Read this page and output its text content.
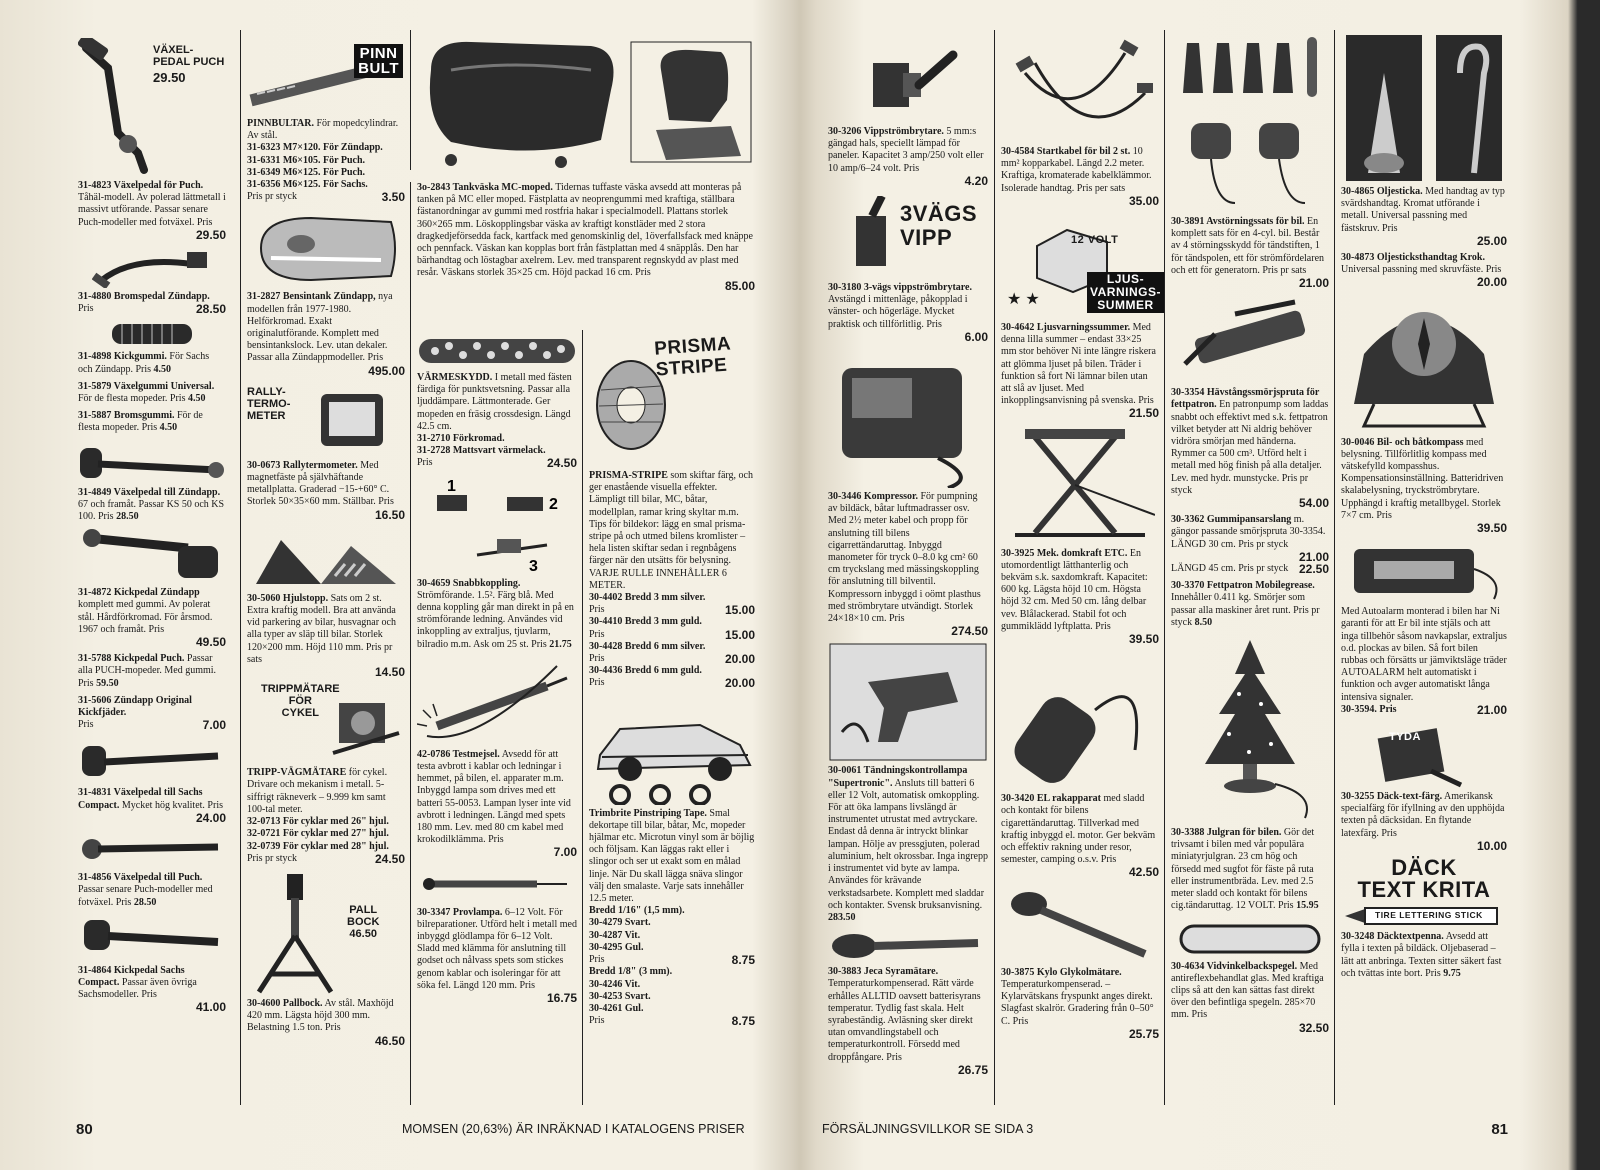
VÄXEL-
PEDAL PUCH
29.50

31-4823 Växelpedal för Puch. Tåhäl-modell. Av polerad lättmetall i massivt utförande. Passar senare Puch-modeller med fotväxel. Pris

29.50

31-4880 Bromspedal Zündapp.

Pris	28.50

31-4898 Kickgummi. För Sachs och Zündapp. Pris 4.50

31-5879 Växelgummi Universal. För de flesta mopeder. Pris 4.50

31-5887 Bromsgummi. För de flesta mopeder. Pris 4.50

31-4849 Växelpedal till Zündapp. 67 och framåt. Passar KS 50 och KS 100. Pris 28.50

31-4872 Kickpedal Zündapp komplett med gummi. Av polerat stål. Hårdförkromad. För årsmod. 1967 och framåt. Pris

49.50

31-5788 Kickpedal Puch. Passar alla PUCH-mopeder. Med gummi. Pris 59.50

31-5606 Zündapp Original Kickfjäder.

Pris	7.00

31-4831 Växelpedal till Sachs Compact. Mycket hög kvalitet. Pris

24.00

31-4856 Växelpedal till Puch. Passar senare Puch-modeller med fotväxel. Pris 28.50

31-4864 Kickpedal Sachs Compact. Passar även övriga Sachsmodeller. Pris

41.00
PINN
BULT

PINNBULTAR. För mopedcylindrar. Av stål.

31-6323 M7×120. För Zündapp.
31-6331 M6×105. För Puch.
31-6349 M6×125. För Puch.
31-6356 M6×125. För Sachs.
Pris pr styck	3.50

31-2827 Bensintank Zündapp, nya modellen från 1977-1980. Helförkromad. Exakt originalutförande. Komplett med bensintankslock. Lev. utan dekaler. Passar alla Zündappmodeller. Pris

495.00
RALLY-
TERMO-
METER

30-0673 Rallytermometer. Med magnetfäste på självhäftande metallplatta. Graderad −15-+60° C. Storlek 50×35×60 mm. Ställbar. Pris

16.50

30-5060 Hjulstopp. Sats om 2 st. Extra kraftig modell. Bra att använda vid parkering av bilar, husvagnar och alla typer av släp till bilar. Storlek 120×200 mm. Höjd 110 mm. Pris pr sats

14.50
TRIPPMÄTARE
FÖR
CYKEL

TRIPP-VÄGMÄTARE för cykel. Drivare och mekanism i metall. 5-siffrigt räkneverk – 9.999 km samt 100-tal meter.

32-0713 För cyklar med 26" hjul.
32-0721 För cyklar med 27" hjul.
32-0739 För cyklar med 28" hjul.
Pris pr styck	24.50
PALL
BOCK
46.50

30-4600 Pallbock. Av stål. Maxhöjd 420 mm. Lägsta höjd 300 mm. Belastning 1.5 ton. Pris

46.50

3o-2843 Tankväska MC-moped. Tidernas tuffaste väska avsedd att monteras på tanken på MC eller moped. Fästplatta av neoprengummi med kraftiga, ställbara fästanordningar av gummi med rostfria hakar i specialmodell. Plattans storlek 360×265 mm. Löskopplingsbar väska av kraftigt konstläder med 2 stora dragkedjeförsedda fack, kartfack med genomskinlig del, 1överfallsfack med knäppe och pennfack. Väskan kan kopplas bort från fästplattan med 4 snäpplås. Den har bärhandtag och löstagbar axelrem. Lev. med transparent regnskydd av plast med resår. Väskans storlek 35×25 cm. Höjd packad 16 cm. Pris

85.00

VÄRMESKYDD. I metall med fästen färdiga för punktsvetsning. Passar alla ljuddämpare. Lättmonterade. Ger mopeden en fräsig crossdesign. Längd 42.5 cm.

31-2710 Förkromad.
31-2728 Mattsvart värmelack.
Pris	24.50
1
2
3

30-4659 Snabbkoppling. Strömförande. 1.5². Färg blå. Med denna koppling går man direkt in på en strömförande ledning. Användes vid inkoppling av extraljus, tjuvlarm, bilradio m.m. Ask om 25 st. Pris 21.75

42-0786 Testmejsel. Avsedd för att testa avbrott i kablar och ledningar i hemmet, på bilen, el. apparater m.m. Inbyggd lampa som drives med ett batteri 55-0053. Lampan lyser inte vid avbrott i ledningen. Längd med spets 180 mm. Lev. med 80 cm kabel med krokodilklämma. Pris

7.00

30-3347 Provlampa. 6–12 Volt. För bilreparationer. Utförd helt i metall med inbyggd glödlampa för 6–12 Volt. Sladd med klämma för anslutning till godset och nålvass spets som stickes genom kablar och isoleringar för att söka fel. Längd 120 mm. Pris

16.75
PRISMA
STRIPE

PRISMA-STRIPE som skiftar färg, och ger enastående visuella effekter. Lämpligt till bilar, MC, båtar, modellplan, ramar kring skyltar m.m. Tips för bildekor: lägg en smal prisma-stripe på och utmed bilens kromlister – hela listen skiftar sedan i regnbågens färger när den utsätts för belysning. VARJE RULLE INNEHÅLLER 6 METER.

30-4402 Bredd 3 mm silver.
Pris	15.00
30-4410 Bredd 3 mm guld.
Pris	15.00
30-4428 Bredd 6 mm silver.
Pris	20.00
30-4436 Bredd 6 mm guld.
Pris	20.00

Trimbrite Pinstriping Tape. Smal dekortape till bilar, båtar, Mc, mopeder hjälmar etc. Microtun vinyl som är böjlig och följsam. Kan läggas rakt eller i slingor och ser ut exakt som en målad linje. När Du skall lägga snäva slingor välj den smalaste. Varje sats innehåller 12.5 meter.

Bredd 1/16" (1,5 mm).
30-4279 Svart.
30-4287 Vit.
30-4295 Gul.
Pris	8.75
Bredd 1/8" (3 mm).
30-4246 Vit.
30-4253 Svart.
30-4261 Gul.
Pris	8.75
80	MOMSEN (20,63%) ÄR INRÄKNAD I KATALOGENS PRISER

30-3206 Vippströmbrytare. 5 mm:s gängad hals, speciellt lämpad för paneler. Kapacitet 3 amp/250 volt eller 10 amp/6–24 volt. Pris

4.20
3VÄGS
VIPP

30-3180 3-vägs vippströmbrytare. Avstängd i mittenläge, påkopplad i vänster- och högerläge. Mycket praktisk och tillförlitlig. Pris

6.00

30-3446 Kompressor. För pumpning av bildäck, båtar luftmadrasser osv. Med 2½ meter kabel och propp för anslutning till bilens cigarrettändaruttag. Inbyggd manometer för tryck 0–8.0 kg cm² 60 cm tryckslang med mässingskoppling för anslutning till bilventil. Kompressorn inbyggd i oömt plasthus med strömbrytare utvändigt. Storlek 24×18×10 cm. Pris

274.50

30-0061 Tändningskontrollampa "Supertronic". Ansluts till batteri 6 eller 12 Volt, automatisk omkoppling. För att öka lampans livslängd är instrumentet utrustat med avtryckare. Endast då denna är intryckt blinkar lampan. Hölje av pressgjuten, polerad aluminium, helt okrossbar. Inga ingrepp i instrumentet vid byte av lampa. Användes för krävande verkstadsarbete. Komplett med sladdar och kontakter. Svensk bruksanvisning. 283.50

30-3883 Jeca Syramätare. Temperaturkompenserad. Rätt värde erhålles ALLTID oavsett batterisyrans temperatur. Tydlig fast skala. Helt syrabeständig. Avläsning sker direkt utan omvandlingstabell och temperaturkontroll. Försedd med droppfångare. Pris

26.75

30-4584 Startkabel för bil 2 st. 10 mm² kopparkabel. Längd 2.2 meter. Kraftiga, kromaterade kabelklämmor. Isolerade handtag. Pris per sats

35.00
12 VOLT
LJUS-
VARNINGS-
SUMMER
★ ★

30-4642 Ljusvarningssummer. Med denna lilla summer – endast 33×25 mm stor behöver Ni inte längre riskera att glömma ljuset på bilen. Träder i funktion så fort Ni lämnar bilen utan att slå av ljuset. Med inkopplingsanvisning på svenska. Pris

21.50

30-3925 Mek. domkraft ETC. En utomordentligt lätthanterlig och bekväm s.k. saxdomkraft. Kapacitet: 600 kg. Lägsta höjd 10 cm. Högsta höjd 32 cm. Med 50 cm. lång delbar vev. Blålackerad. Stabil fot och gummiklädd lyftplatta. Pris

39.50

30-3420 EL rakapparat med sladd och kontakt för bilens cigarettändaruttag. Tillverkad med kraftig inbyggd el. motor. Ger bekväm och effektiv rakning under resor, semester, camping o.s.v. Pris

42.50

30-3875 Kylo Glykolmätare. Temperaturkompenserad. – Kylarvätskans fryspunkt anges direkt. Slagfast skalrör. Gradering från 0–50° C. Pris

25.75

30-3891 Avstörningssats för bil. En komplett sats för en 4-cyl. bil. Består av 4 störningsskydd för tändstiften, 1 för tändspolen, ett för strömfördelaren och ett för generatorn. Pris pr sats

21.00

30-3354 Hävstångssmörjspruta för fettpatron. En patronpump som laddas snabbt och effektivt med s.k. fettpatron vilket betyder att Ni aldrig behöver vidröra smörjan med händerna. Rymmer ca 500 cm³. Utförd helt i metall med hög finish på alla detaljer. Lev. med hydr. munstycke. Pris pr styck

54.00

30-3362 Gummipansarslang m. gängor passande smörjspruta 30-3354. LÄNGD 30 cm. Pris pr styck

21.00
LÄNGD 45 cm. Pris pr styck 22.50

30-3370 Fettpatron Mobilegrease. Innehåller 0.411 kg. Smörjer som passar alla maskiner året runt. Pris pr styck 8.50

30-3388 Julgran för bilen. Gör det trivsamt i bilen med vår populära miniatyrjulgran. 23 cm hög och försedd med sugfot för fäste på ruta eller instrumentbräda. Lev. med 2.5 meter sladd och kontakt för bilens cig.tändaruttag. 12 VOLT. Pris 15.95

30-4634 Vidvinkelbackspegel. Med antireflexbehandlat glas. Med kraftiga clips så att den kan sättas fast direkt över den befintliga spegeln. 285×70 mm. Pris

32.50

30-4865 Oljesticka. Med handtag av typ svärdshandtag. Kromat utförande i metall. Universal passning med fästskruv. Pris

25.00

30-4873 Oljesticksthandtag Krok. Universal passning med skruvfäste. Pris

20.00

30-0046 Bil- och båtkompass med belysning. Tillförlitlig kompass med vätskefylld kompasshus. Kompensationsinställning. Batteridriven skalabelysning, tryckströmbrytare. Upphängd i kraftig metallbygel. Storlek 7×7 cm. Pris

39.50

Med Autoalarm monterad i bilen har Ni garanti för att Er bil inte stjäls och att inga tillbehör såsom navkapslar, extraljus o.d. plockas av bilen. Så fort bilen rubbas och försätts ur jämviktsläge träder AUTOALARM helt automatiskt i funktion och avger automatiskt långa intensiva signaler.

30-3594. Pris	21.00
TYDA

30-3255 Däck-text-färg. Amerikansk specialfärg för ifyllning av den upphöjda texten på däcksidan. En flytande latexfärg. Pris

10.00
DÄCK
TEXT KRITA
TIRE LETTERING STICK

30-3248 Däcktextpenna. Avsedd att fylla i texten på bildäck. Oljebaserad – lätt att anbringa. Texten sitter säkert fast och tvättas inte bort. Pris 9.75

FÖRSÄLJNINGSVILLKOR SE SIDA 3	81
